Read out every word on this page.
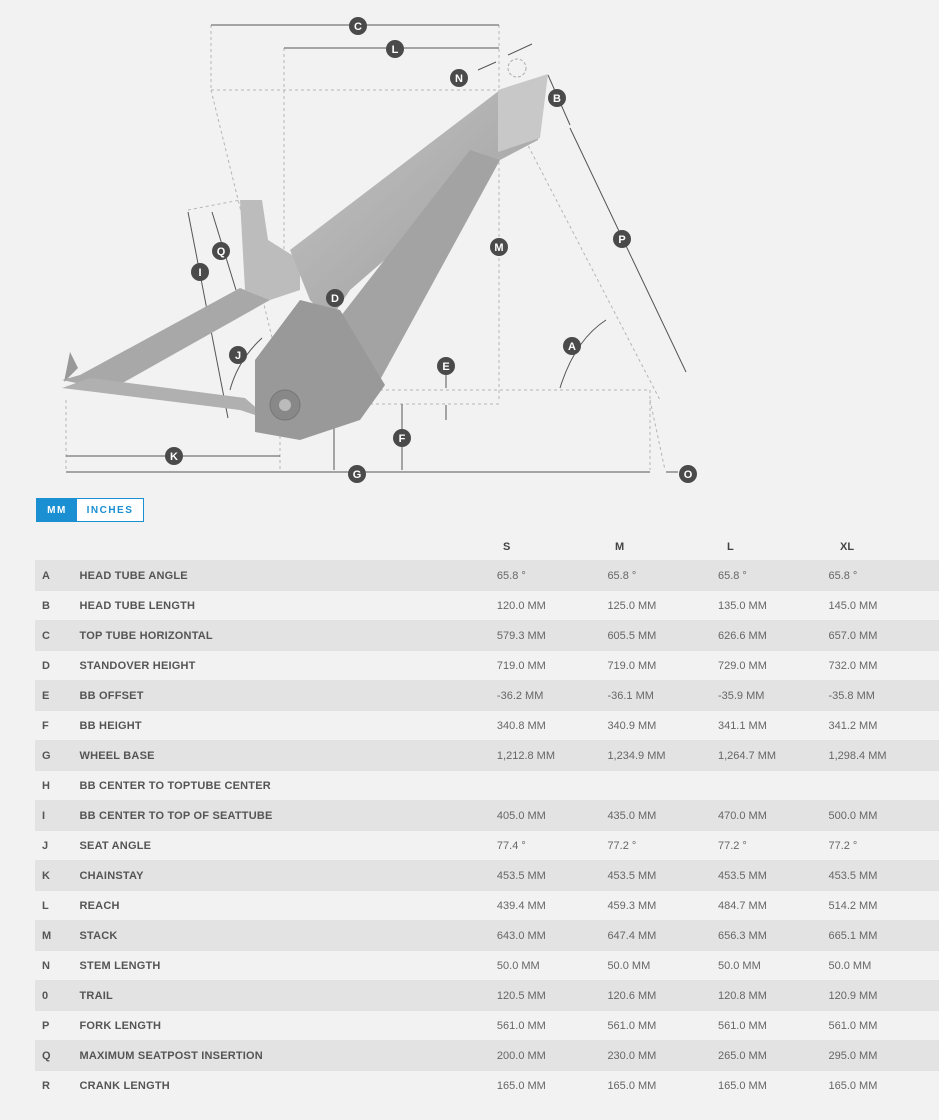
C
L
N
B
P
M
D
Q
I
A
J
E
F
K
G	O
MM	INCHES
S	M	L	XL
A	HEAD TUBE ANGLE	65.8 °	65.8 °	65.8 °	65.8 °
B	HEAD TUBE LENGTH	120.0 MM	125.0 MM	135.0 MM	145.0 MM
C	TOP TUBE HORIZONTAL	579.3 MM	605.5 MM	626.6 MM	657.0 MM
D	STANDOVER HEIGHT	719.0 MM	719.0 MM	729.0 MM	732.0 MM
E	BB OFFSET	-36.2 MM	-36.1 MM	-35.9 MM	-35.8 MM
F	BB HEIGHT	340.8 MM	340.9 MM	341.1 MM	341.2 MM
G	WHEEL BASE	1,212.8 MM	1,234.9 MM	1,264.7 MM	1,298.4 MM
H	BB CENTER TO TOPTUBE CENTER
I	BB CENTER TO TOP OF SEATTUBE	405.0 MM	435.0 MM	470.0 MM	500.0 MM
J	SEAT ANGLE	77.4 °	77.2 °	77.2 °	77.2 °
K	CHAINSTAY	453.5 MM	453.5 MM	453.5 MM	453.5 MM
L	REACH	439.4 MM	459.3 MM	484.7 MM	514.2 MM
M	STACK	643.0 MM	647.4 MM	656.3 MM	665.1 MM
N	STEM LENGTH	50.0 MM	50.0 MM	50.0 MM	50.0 MM
0	TRAIL	120.5 MM	120.6 MM	120.8 MM	120.9 MM
P	FORK LENGTH	561.0 MM	561.0 MM	561.0 MM	561.0 MM
Q	MAXIMUM SEATPOST INSERTION	200.0 MM	230.0 MM	265.0 MM	295.0 MM
R	CRANK LENGTH	165.0 MM	165.0 MM	165.0 MM	165.0 MM
